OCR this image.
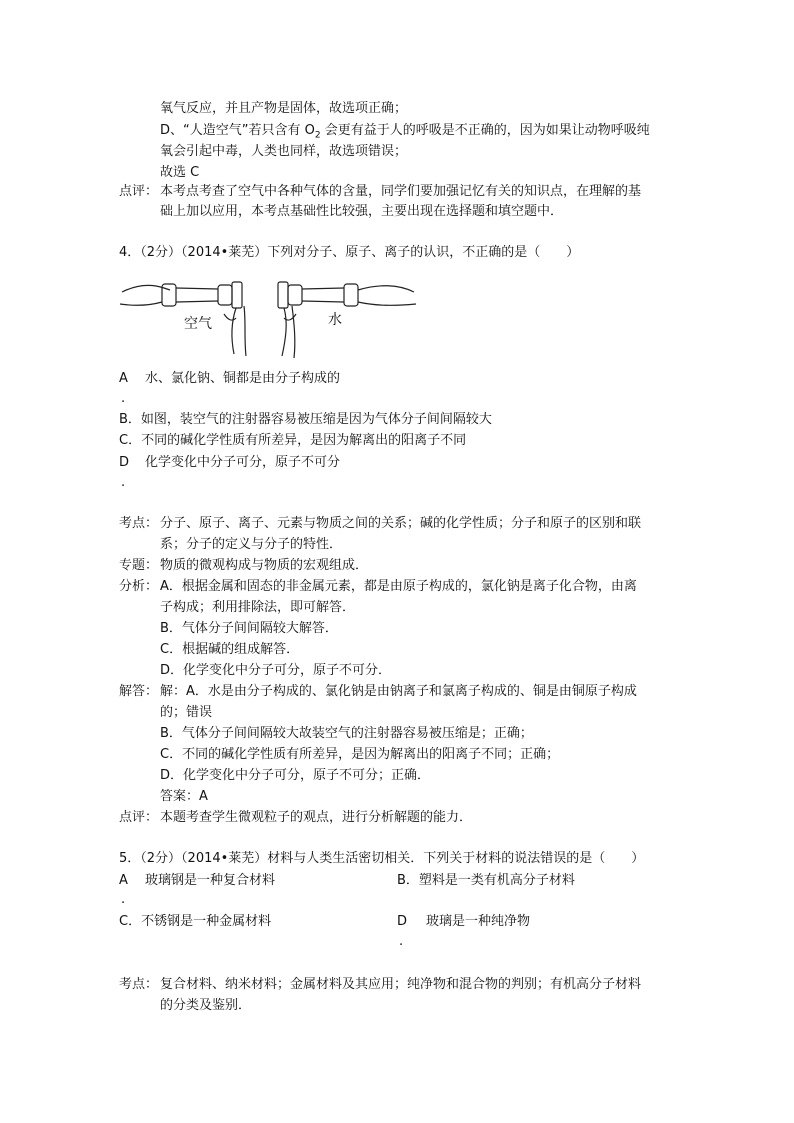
氧气反应，并且产物是固体，故选项正确；
D、“人造空气”若只含有 $O_2$ 会更有益于人的呼吸是不正确的，因为如果让动物呼吸纯
氧会引起中毒，人类也同样，故选项错误；
故选 C
点评： 本考点考查了空气中各种气体的含量，同学们要加强记忆有关的知识点，在理解的基
础上加以应用，本考点基础性比较强，主要出现在选择题和填空题中．
4．（2分）（2014•莱芜）下列对分子、原子、离子的认识，不正确的是（　　）
空气	水
A 水、氯化钠、铜都是由分子构成的
.
B．如图，装空气的注射器容易被压缩是因为气体分子间间隔较大
C．不同的碱化学性质有所差异，是因为解离出的阳离子不同
D 化学变化中分子可分，原子不可分
.
考点： 分子、原子、离子、元素与物质之间的关系；碱的化学性质；分子和原子的区别和联
系；分子的定义与分子的特性．
专题： 物质的微观构成与物质的宏观组成．
分析： A．根据金属和固态的非金属元素，都是由原子构成的，氯化钠是离子化合物，由离
子构成；利用排除法，即可解答．
B．气体分子间间隔较大解答．
C．根据碱的组成解答．
D．化学变化中分子可分，原子不可分．
解答： 解：A．水是由分子构成的、氯化钠是由钠离子和氯离子构成的、铜是由铜原子构成
的；错误
B．气体分子间间隔较大故装空气的注射器容易被压缩是；正确；
C．不同的碱化学性质有所差异，是因为解离出的阳离子不同；正确；
D．化学变化中分子可分，原子不可分；正确．
答案：A
点评： 本题考查学生微观粒子的观点，进行分析解题的能力．
5．（2分）（2014•莱芜）材料与人类生活密切相关．下列关于材料的说法错误的是（　　）
A 玻璃钢是一种复合材料	B．塑料是一类有机高分子材料
.
C．不锈钢是一种金属材料	D 玻璃是一种纯净物
.
考点： 复合材料、纳米材料；金属材料及其应用；纯净物和混合物的判别；有机高分子材料
的分类及鉴别．
